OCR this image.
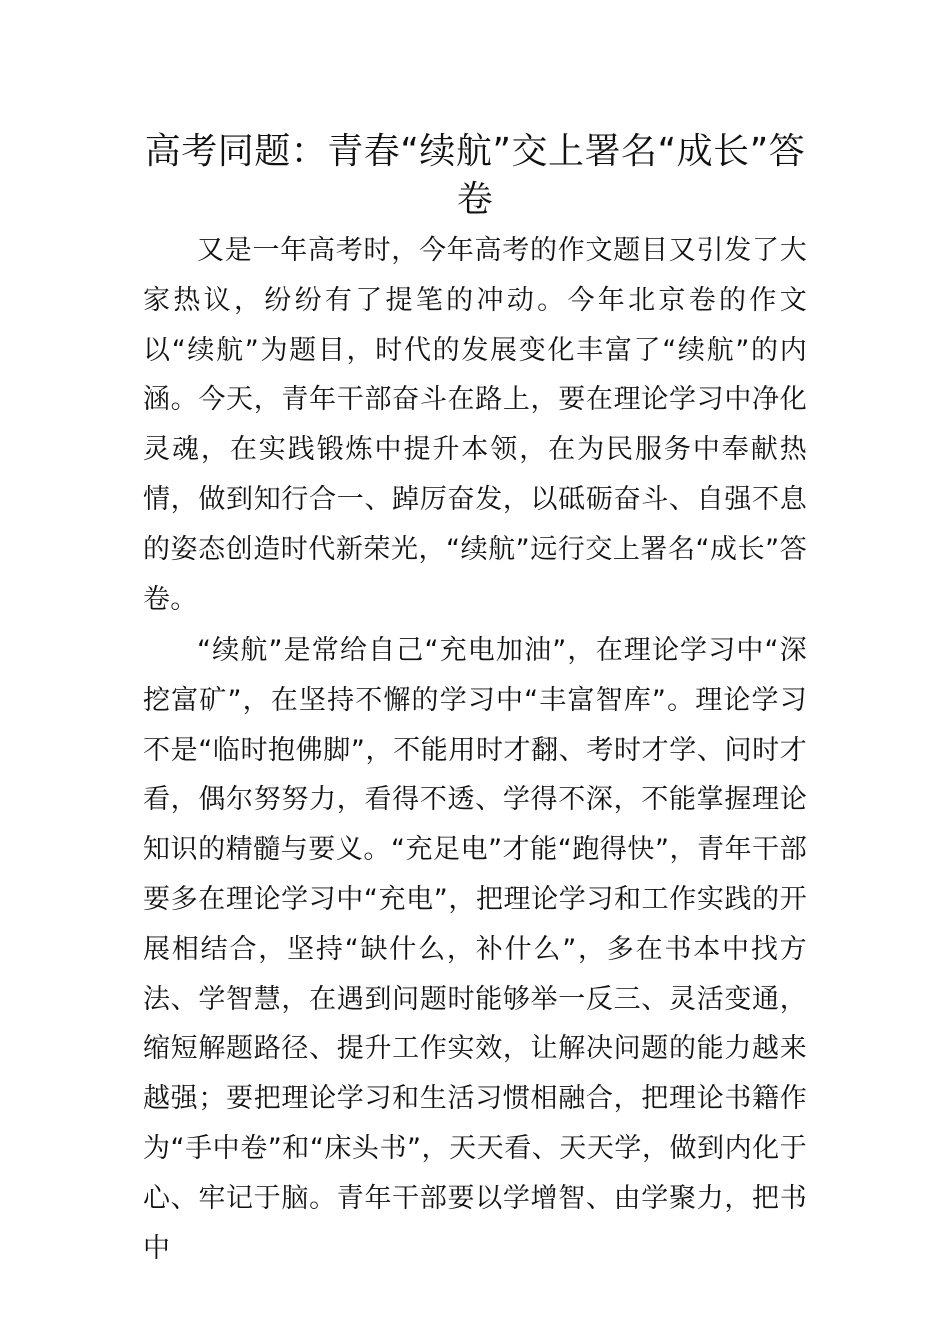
高考同题：青春“续航”交上署名“成长”答卷

又是一年高考时，今年高考的作文题目又引发了大家热议，纷纷有了提笔的冲动。今年北京卷的作文以“续航”为题目，时代的发展变化丰富了“续航”的内涵。今天，青年干部奋斗在路上，要在理论学习中净化灵魂，在实践锻炼中提升本领，在为民服务中奉献热情，做到知行合一、踔厉奋发，以砥砺奋斗、自强不息的姿态创造时代新荣光，“续航”远行交上署名“成长”答卷。

“续航”是常给自己“充电加油”，在理论学习中“深挖富矿”，在坚持不懈的学习中“丰富智库”。理论学习不是“临时抱佛脚”，不能用时才翻、考时才学、问时才看，偶尔努努力，看得不透、学得不深，不能掌握理论知识的精髓与要义。“充足电”才能“跑得快”，青年干部要多在理论学习中“充电”，把理论学习和工作实践的开展相结合，坚持“缺什么，补什么”，多在书本中找方法、学智慧，在遇到问题时能够举一反三、灵活变通，缩短解题路径、提升工作实效，让解决问题的能力越来越强；要把理论学习和生活习惯相融合，把理论书籍作为“手中卷”和“床头书”，天天看、天天学，做到内化于心、牢记于脑。青年干部要以学增智、由学聚力，把书中
